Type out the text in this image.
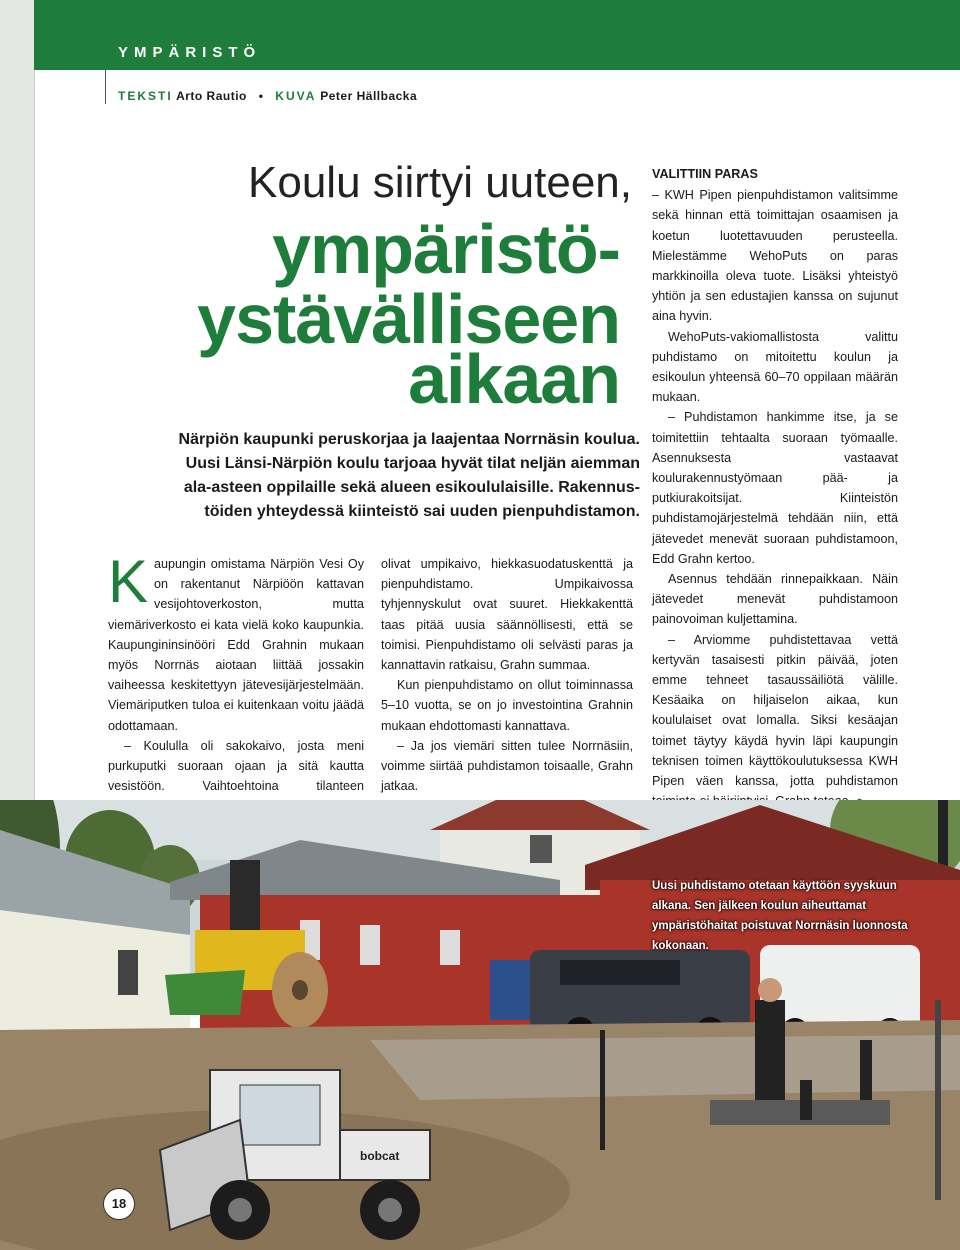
YMPÄRISTÖ
TEKSTI Arto Rautio • KUVA Peter Hällbacka
Koulu siirtyi uuteen,
ympäristö-
ystävälliseen
aikaan

Närpiön kaupunki peruskorjaa ja laajentaa Norrnäsin koulua.

Uusi Länsi-Närpiön koulu tarjoaa hyvät tilat neljän aiemman

ala-asteen oppilaille sekä alueen esikoululaisille. Rakennus-

töiden yhteydessä kiinteistö sai uuden pienpuhdistamon.

Kaupungin omistama Närpiön Vesi Oy on rakentanut Närpiöön kattavan vesijohtoverkoston, mutta viemäriverkosto ei kata vielä koko kaupunkia. Kaupungininsinööri Edd Grahnin mukaan myös Norrnäs aiotaan liittää jossakin vaiheessa keskitettyyn jätevesijärjestelmään. Viemäriputken tuloa ei kuitenkaan voitu jäädä odottamaan.

– Koululla oli sakokaivo, josta meni purkuputki suoraan ojaan ja sitä kautta vesistöön. Vaihtoehtoina tilanteen

olivat umpikaivo, hiekkasuodatuskenttä ja pienpuhdistamo. Umpikaivossa tyhjennyskulut ovat suuret. Hiekkakenttä taas pitää uusia säännöllisesti, että se toimisi. Pienpuhdistamo oli selvästi paras ja kannattavin ratkaisu, Grahn summaa.

Kun pienpuhdistamo on ollut toiminnassa 5–10 vuotta, se on jo investointina Grahnin mukaan ehdottomasti kannattava.

– Ja jos viemäri sitten tulee Norrnäsiin, voimme siirtää puhdistamon toisaalle, Grahn jatkaa.

VALITTIIN PARAS

– KWH Pipen pienpuhdistamon valitsimme sekä hinnan että toimittajan osaamisen ja koetun luotettavuuden perusteella. Mielestämme WehoPuts on paras markkinoilla oleva tuote. Lisäksi yhteistyö yhtiön ja sen edustajien kanssa on sujunut aina hyvin.

WehoPuts-vakiomallistosta valittu puhdistamo on mitoitettu koulun ja esikoulun yhteensä 60–70 oppilaan määrän mukaan.

– Puhdistamon hankimme itse, ja se toimitettiin tehtaalta suoraan työmaalle. Asennuksesta vastaavat koulurakennustyömaan pää- ja putkiurakoitsijat. Kiinteistön puhdistamojärjestelmä tehdään niin, että jätevedet menevät suoraan puhdistamoon, Edd Grahn kertoo.

Asennus tehdään rinnepaikkaan. Näin jätevedet menevät puhdistamoon painovoiman kuljettamina.

– Arviomme puhdistettavaa vettä kertyvän tasaisesti pitkin päivää, joten emme tehneet tasaussäiliötä välille. Kesäaika on hiljaiselon aikaa, kun koululaiset ovat lomalla. Siksi kesäajan toimet täytyy käydä hyvin läpi kaupungin teknisen toimen käyttökoulutuksessa KWH Pipen väen kanssa, jotta puhdistamon

bobcat
Uusi puhdistamo otetaan käyttöön syyskuun alkana. Sen jälkeen koulun aiheuttamat ympäristöhaitat poistuvat Norrnäsin luonnosta kokonaan.
18
